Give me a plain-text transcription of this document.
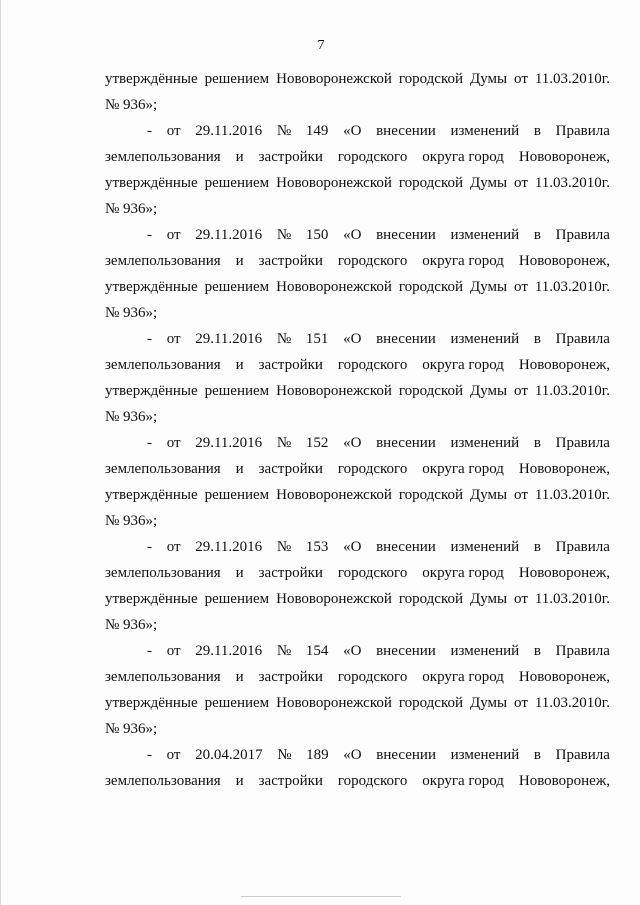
7
утверждённые решением Нововоронежской городской Думы от 11.03.2010г.
№ 936»;
- от 29.11.2016 № 149 «О внесении изменений в Правила
землепользования и застройки городского округа город Нововоронеж,
утверждённые решением Нововоронежской городской Думы от 11.03.2010г.
№ 936»;
- от 29.11.2016 № 150 «О внесении изменений в Правила
землепользования и застройки городского округа город Нововоронеж,
утверждённые решением Нововоронежской городской Думы от 11.03.2010г.
№ 936»;
- от 29.11.2016 № 151 «О внесении изменений в Правила
землепользования и застройки городского округа город Нововоронеж,
утверждённые решением Нововоронежской городской Думы от 11.03.2010г.
№ 936»;
- от 29.11.2016 № 152 «О внесении изменений в Правила
землепользования и застройки городского округа город Нововоронеж,
утверждённые решением Нововоронежской городской Думы от 11.03.2010г.
№ 936»;
- от 29.11.2016 № 153 «О внесении изменений в Правила
землепользования и застройки городского округа город Нововоронеж,
утверждённые решением Нововоронежской городской Думы от 11.03.2010г.
№ 936»;
- от 29.11.2016 № 154 «О внесении изменений в Правила
землепользования и застройки городского округа город Нововоронеж,
утверждённые решением Нововоронежской городской Думы от 11.03.2010г.
№ 936»;
- от 20.04.2017 № 189 «О внесении изменений в Правила
землепользования и застройки городского округа город Нововоронеж,
